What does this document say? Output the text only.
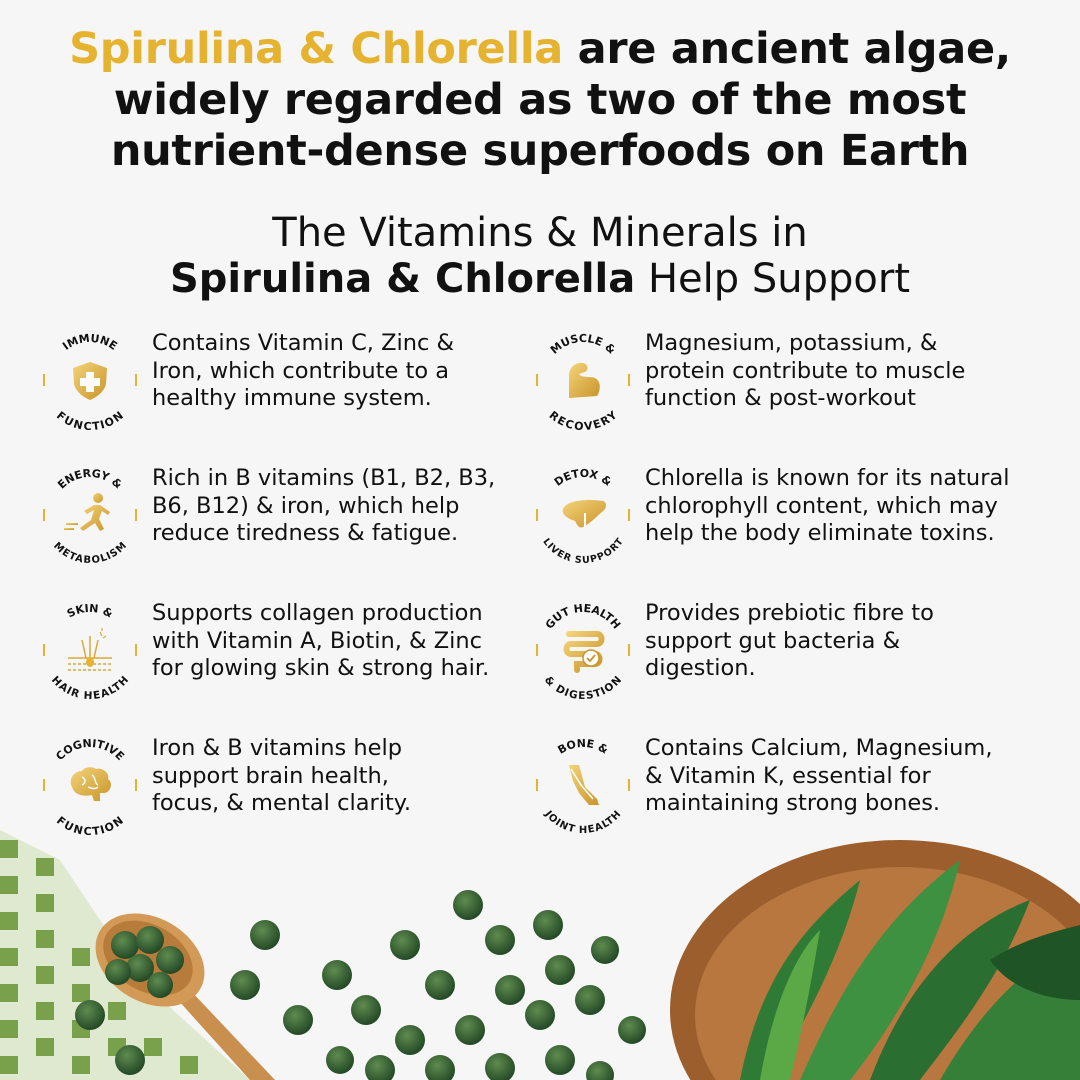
Spirulina & Chlorella are ancient algae,
widely regarded as two of the most
nutrient-dense superfoods on Earth
The Vitamins & Minerals in
Spirulina & Chlorella Help Support
IMMUNE
FUNCTION
Contains Vitamin C, Zinc &
Iron, which contribute to a
healthy immune system.
MUSCLE &
RECOVERY
Magnesium, potassium, &
protein contribute to muscle
function & post-workout
ENERGY &
METABOLISM
Rich in B vitamins (B1, B2, B3,
B6, B12) & iron, which help
reduce tiredness & fatigue.
DETOX &
LIVER SUPPORT
Chlorella is known for its natural
chlorophyll content, which may
help the body eliminate toxins.
SKIN &
HAIR HEALTH
Supports collagen production
with Vitamin A, Biotin, & Zinc
for glowing skin & strong hair.
GUT HEALTH
& DIGESTION
Provides prebiotic fibre to
support gut bacteria &
digestion.
COGNITIVE
FUNCTION
Iron & B vitamins help
support brain health,
focus, & mental clarity.
BONE &
JOINT HEALTH
Contains Calcium, Magnesium,
& Vitamin K, essential for
maintaining strong bones.
